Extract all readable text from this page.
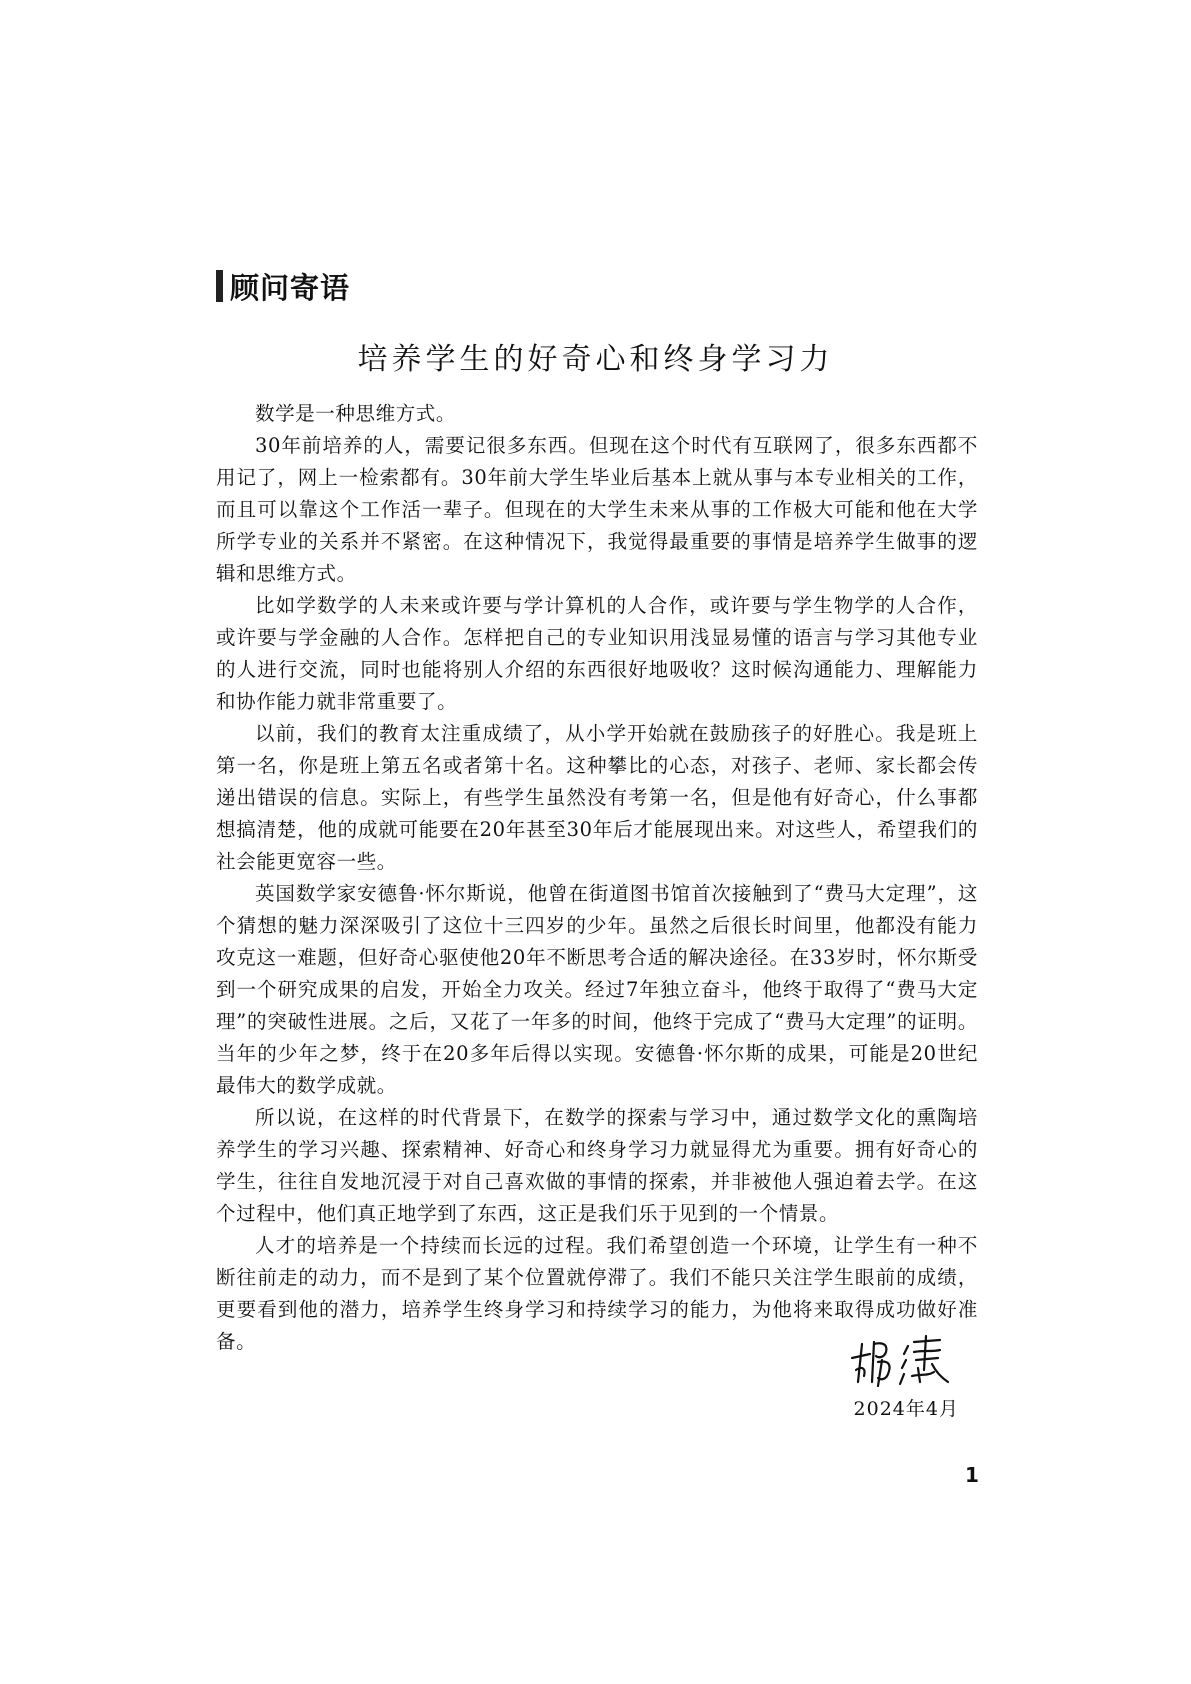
顾问寄语
培养学生的好奇心和终身学习力

数学是一种思维方式。

30年前培养的人，需要记很多东西。但现在这个时代有互联网了，很多东西都不用记了，网上一检索都有。30年前大学生毕业后基本上就从事与本专业相关的工作，而且可以靠这个工作活一辈子。但现在的大学生未来从事的工作极大可能和他在大学所学专业的关系并不紧密。在这种情况下，我觉得最重要的事情是培养学生做事的逻辑和思维方式。

比如学数学的人未来或许要与学计算机的人合作，或许要与学生物学的人合作，或许要与学金融的人合作。怎样把自己的专业知识用浅显易懂的语言与学习其他专业的人进行交流，同时也能将别人介绍的东西很好地吸收？这时候沟通能力、理解能力和协作能力就非常重要了。

以前，我们的教育太注重成绩了，从小学开始就在鼓励孩子的好胜心。我是班上第一名，你是班上第五名或者第十名。这种攀比的心态，对孩子、老师、家长都会传递出错误的信息。实际上，有些学生虽然没有考第一名，但是他有好奇心，什么事都想搞清楚，他的成就可能要在20年甚至30年后才能展现出来。对这些人，希望我们的社会能更宽容一些。

英国数学家安德鲁·怀尔斯说，他曾在街道图书馆首次接触到了“费马大定理”，这个猜想的魅力深深吸引了这位十三四岁的少年。虽然之后很长时间里，他都没有能力攻克这一难题，但好奇心驱使他20年不断思考合适的解决途径。在33岁时，怀尔斯受到一个研究成果的启发，开始全力攻关。经过7年独立奋斗，他终于取得了“费马大定理”的突破性进展。之后，又花了一年多的时间，他终于完成了“费马大定理”的证明。当年的少年之梦，终于在20多年后得以实现。安德鲁·怀尔斯的成果，可能是20世纪最伟大的数学成就。

所以说，在这样的时代背景下，在数学的探索与学习中，通过数学文化的熏陶培养学生的学习兴趣、探索精神、好奇心和终身学习力就显得尤为重要。拥有好奇心的学生，往往自发地沉浸于对自己喜欢做的事情的探索，并非被他人强迫着去学。在这个过程中，他们真正地学到了东西，这正是我们乐于见到的一个情景。

人才的培养是一个持续而长远的过程。我们希望创造一个环境，让学生有一种不断往前走的动力，而不是到了某个位置就停滞了。我们不能只关注学生眼前的成绩，更要看到他的潜力，培养学生终身学习和持续学习的能力，为他将来取得成功做好准备。

2024年4月
1
